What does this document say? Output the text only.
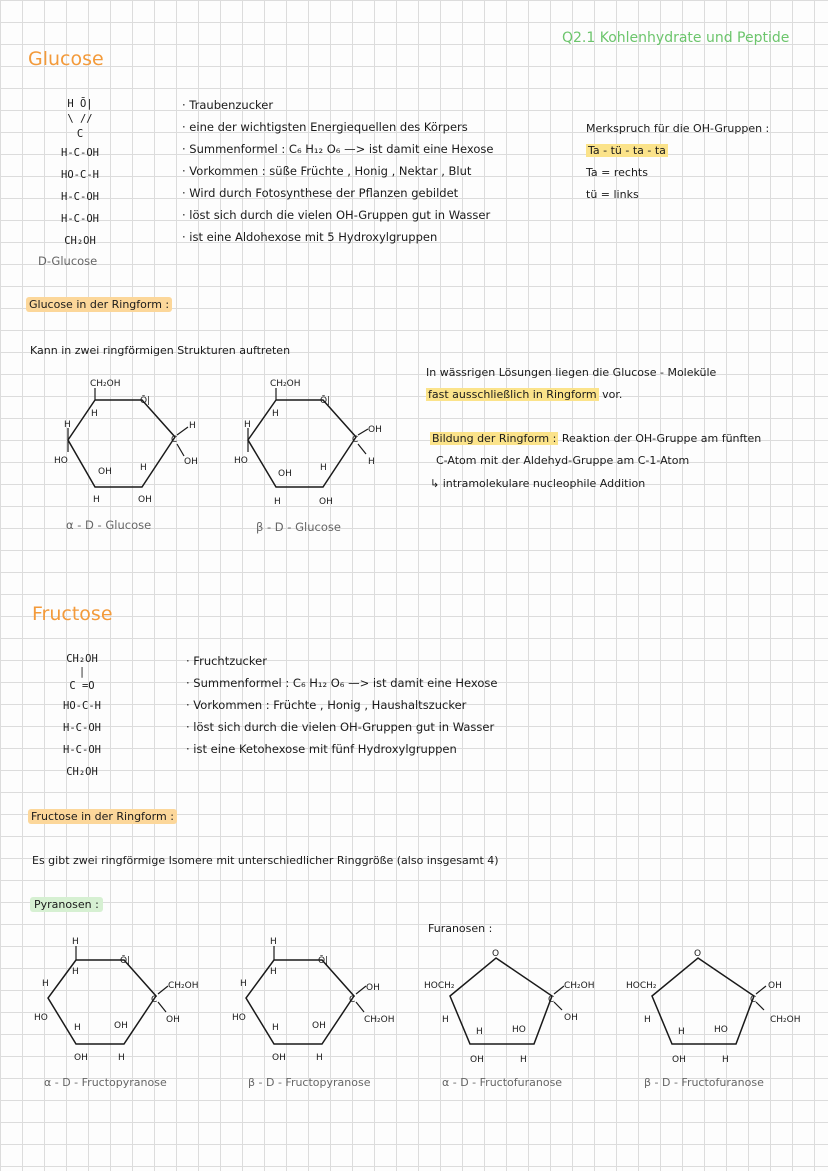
Q2.1 Kohlenhydrate und Peptide
Glucose
H Ō|
\ //
C
H-C-OH
HO-C-H
H-C-OH
H-C-OH
CH₂OH
D-Glucose
· Traubenzucker
· eine der wichtigsten Energiequellen des Körpers
· Summenformel : C₆ H₁₂ O₆ —> ist damit eine Hexose
· Vorkommen : süße Früchte , Honig , Nektar , Blut
· Wird durch Fotosynthese der Pflanzen gebildet
· löst sich durch die vielen OH-Gruppen gut in Wasser
· ist eine Aldohexose mit 5 Hydroxylgruppen
Merkspruch für die OH-Gruppen :
Ta - tü - ta - ta
Ta = rechts
tü = links
Glucose in der Ringform :
Kann in zwei ringförmigen Strukturen auftreten
CH₂OH
Ō|
H
C
H
OH
H
HO
OH	H
H	OH
α - D - Glucose
CH₂OH
Ō|
H
C
OH
H
H
HO
OH
H
H	OH
β - D - Glucose
In wässrigen Lösungen liegen die Glucose - Moleküle
fast ausschließlich in Ringform vor.
Bildung der Ringform : Reaktion der OH-Gruppe am fünften
C-Atom mit der Aldehyd-Gruppe am C-1-Atom
↳ intramolekulare nucleophile Addition
Fructose
CH₂OH
|
C =O
HO-C-H
H-C-OH
H-C-OH
CH₂OH
· Fruchtzucker
· Summenformel : C₆ H₁₂ O₆ —> ist damit eine Hexose
· Vorkommen : Früchte , Honig , Haushaltszucker
· löst sich durch die vielen OH-Gruppen gut in Wasser
· ist eine Ketohexose mit fünf Hydroxylgruppen
Fructose in der Ringform :
Es gibt zwei ringförmige Isomere mit unterschiedlicher Ringgröße (also insgesamt 4)
Pyranosen :
Furanosen :
H
H
Ō|
C
CH₂OH
OH
H
HO
H	OH
OH	H
α - D - Fructopyranose
H
H
Ō|
C
OH
CH₂OH
H
HO
H	OH
OH	H
β - D - Fructopyranose
O
HOCH₂
H
C
CH₂OH
OH
H	HO
OH	H
α - D - Fructofuranose
O
HOCH₂
H
C
OH
CH₂OH
H	HO
OH	H
β - D - Fructofuranose
